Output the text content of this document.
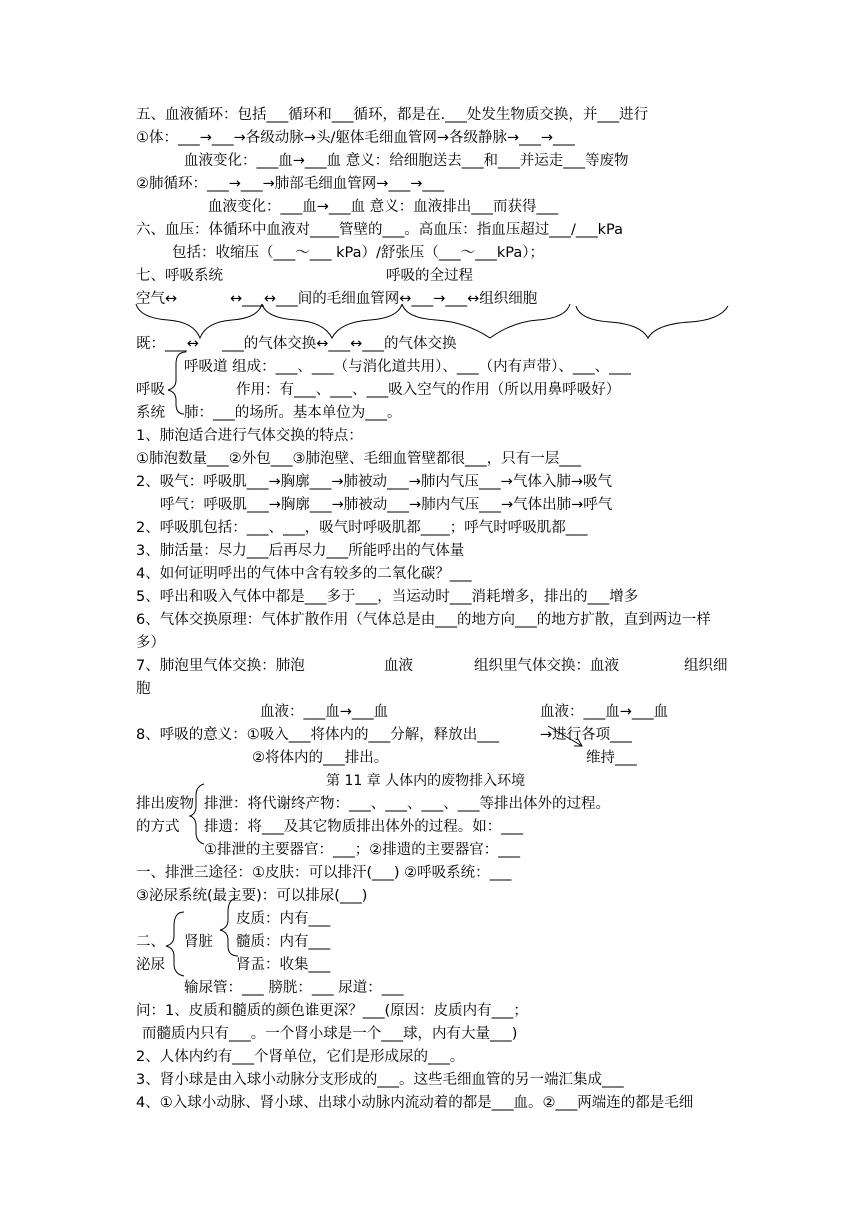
五、血液循环：包括___循环和___循环，都是在.___处发生物质交换，并___进行
①体：___→___→各级动脉→头/躯体毛细血管网→各级静脉→___→___
血液变化：___血→___血 意义：给细胞送去___和___并运走___等废物
②肺循环：___→___→肺部毛细血管网→___→___
血液变化：___血→___血 意义：血液排出___而获得___
六、血压：体循环中血液对____管壁的___。高血压：指血压超过___/___kPa
包括：收缩压（___～___ kPa）/舒张压（___～___kPa）；
七、呼吸系统	呼吸的全过程
空气↔	↔___↔___间的毛细血管网↔___→___↔组织细胞
既：___↔ ___的气体交换↔___↔___的气体交换
呼吸道 组成：___、___（与消化道共用）、___（内有声带）、___、___
呼吸	作用：有___、___、___吸入空气的作用（所以用鼻呼吸好）
系统 肺：___的场所。基本单位为___。
1、肺泡适合进行气体交换的特点：
①肺泡数量___②外包___③肺泡壁、毛细血管壁都很___，只有一层___
2、吸气：呼吸肌___→胸廓___→肺被动___→肺内气压___→气体入肺→吸气
呼气：呼吸肌___→胸廓___→肺被动___→肺内气压___→气体出肺→呼气
2、呼吸肌包括：___、___，吸气时呼吸肌都____；呼气时呼吸肌都___
3、肺活量：尽力___后再尽力___所能呼出的气体量
4、如何证明呼出的气体中含有较多的二氧化碳？___
5、呼出和吸入气体中都是___多于___，当运动时___消耗增多，排出的___增多
6、气体交换原理：气体扩散作用（气体总是由___的地方向___的地方扩散，直到两边一样
多）
7、肺泡里气体交换：肺泡	血液	组织里气体交换：血液	组织细
胞
血液：___血→___血	血液：___血→___血
8、呼吸的意义：①吸入___将体内的___分解，释放出___	→进行各项___
②将体内的___排出。	维持___
第 11 章 人体内的废物排入环境
排出废物 排泄：将代谢终产物：___、___、___、___等排出体外的过程。
的方式 排遗：将___及其它物质排出体外的过程。如：___
①排泄的主要器官：___；②排遗的主要器官：___
一、排泄三途径：①皮肤：可以排汗(___) ②呼吸系统：___
③泌尿系统(最主要)：可以排尿(___)
皮质：内有___
二、 肾脏 髓质：内有___
肾盂：收集___
泌尿
输尿管：___ 膀胱：___ 尿道：___
问：1、皮质和髓质的颜色谁更深？___(原因：皮质内有___；
而髓质内只有___。一个肾小球是一个___球，内有大量___)
2、人体内约有___个肾单位，它们是形成尿的___。
3、肾小球是由入球小动脉分支形成的___。这些毛细血管的另一端汇集成___
4、①入球小动脉、肾小球、出球小动脉内流动着的都是___血。②___两端连的都是毛细
